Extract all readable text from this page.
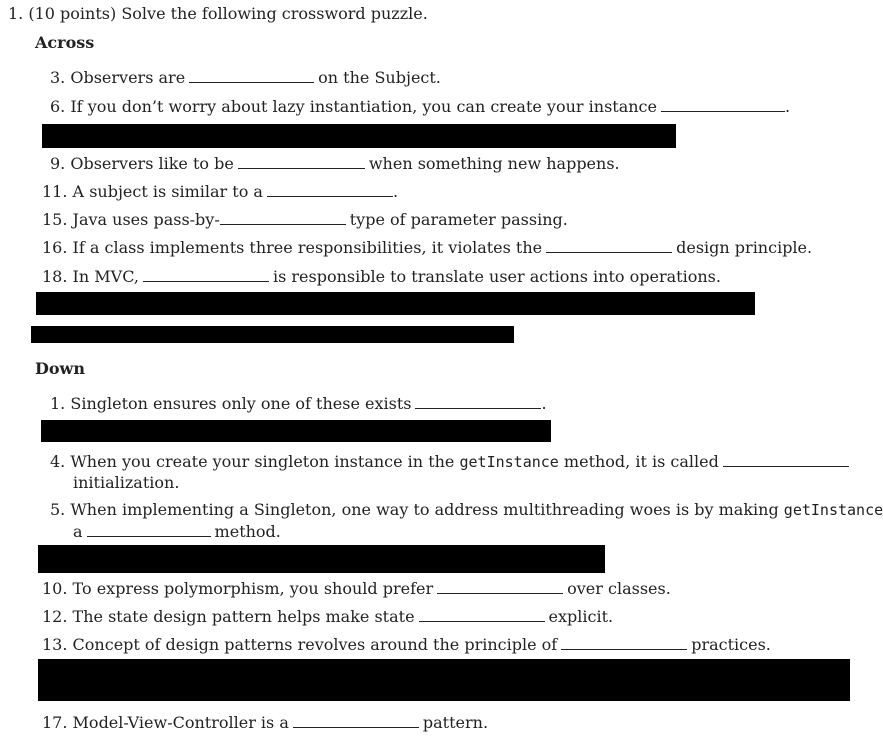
1. (10 points) Solve the following crossword puzzle.
Across
3. Observers are	on the Subject.
6. If you don’t worry about lazy instantiation, you can create your instance	.
9. Observers like to be	when something new happens.
11. A subject is similar to a	.
15. Java uses pass-by-	type of parameter passing.
16. If a class implements three responsibilities, it violates the	design principle.
18. In MVC,	is responsible to translate user actions into operations.
Down
1. Singleton ensures only one of these exists	.
4. When you create your singleton instance in the getInstance method, it is called
initialization.
5. When implementing a Singleton, one way to address multithreading woes is by making getInstance
a	method.
10. To express polymorphism, you should prefer	over classes.
12. The state design pattern helps make state	explicit.
13. Concept of design patterns revolves around the principle of	practices.
17. Model-View-Controller is a	pattern.
